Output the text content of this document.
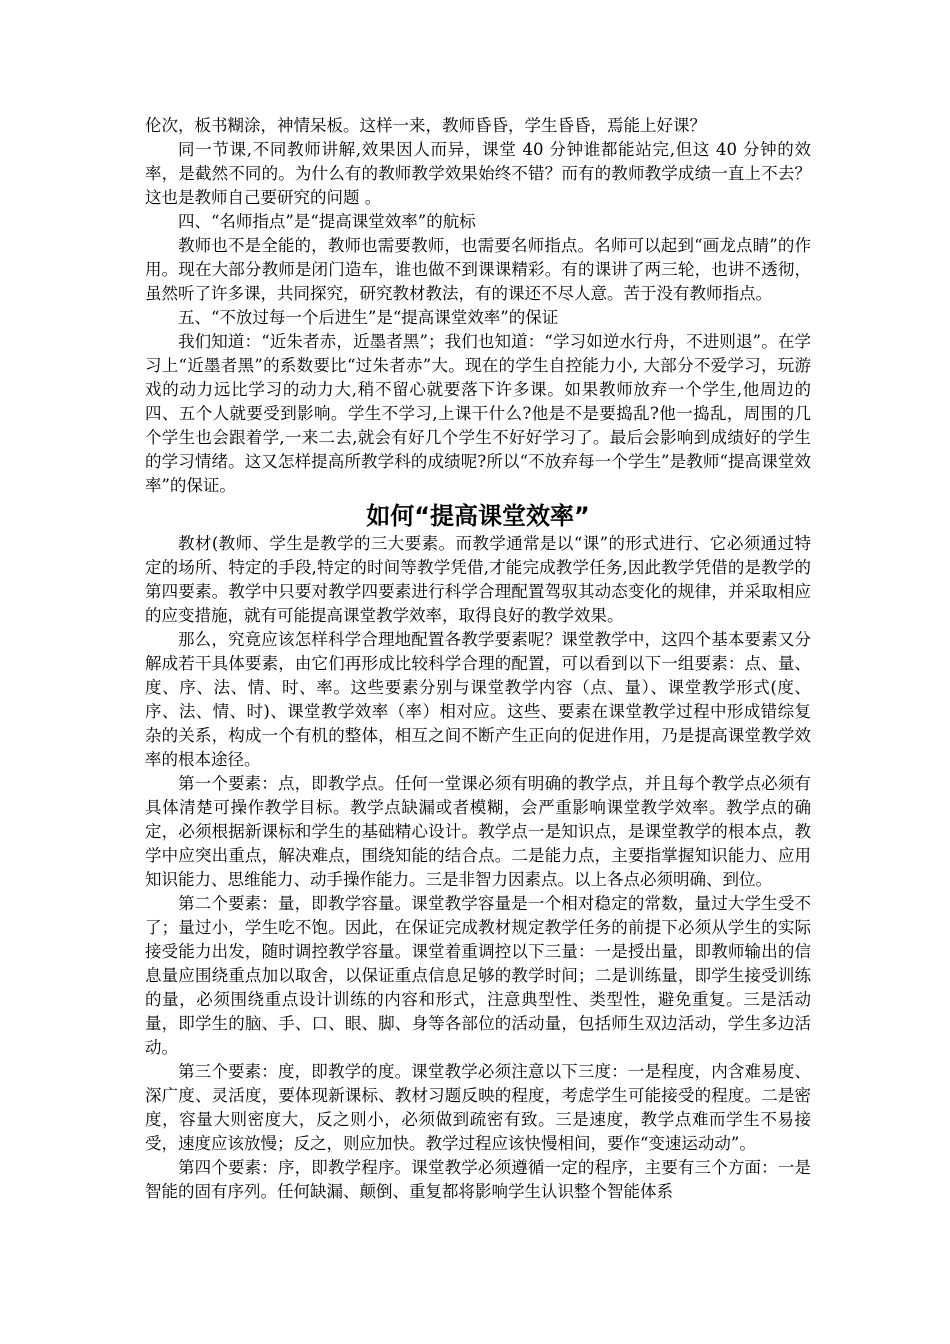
伦次，板书糊涂，神情呆板。这样一来，教师昏昏，学生昏昏，焉能上好课？

同一节课,不同教师讲解,效果因人而异，课堂 40 分钟谁都能站完,但这 40 分钟的效率，是截然不同的。为什么有的教师教学效果始终不错？而有的教师教学成绩一直上不去？这也是教师自己要研究的问题 。

四、“名师指点”是“提高课堂效率”的航标

教师也不是全能的，教师也需要教师，也需要名师指点。名师可以起到“画龙点睛”的作用。现在大部分教师是闭门造车，谁也做不到课课精彩。有的课讲了两三轮，也讲不透彻，虽然听了许多课，共同探究，研究教材教法，有的课还不尽人意。苦于没有教师指点。

五、“不放过每一个后进生”是“提高课堂效率”的保证

我们知道：“近朱者赤，近墨者黑”；我们也知道：“学习如逆水行舟，不进则退”。在学习上“近墨者黑”的系数要比“过朱者赤”大。现在的学生自控能力小, 大部分不爱学习，玩游戏的动力远比学习的动力大,稍不留心就要落下许多课。如果教师放弃一个学生,他周边的四、五个人就要受到影响。学生不学习,上课干什么?他是不是要捣乱?他一捣乱，周围的几个学生也会跟着学,一来二去,就会有好几个学生不好好学习了。最后会影响到成绩好的学生的学习情绪。这又怎样提高所教学科的成绩呢?所以“不放弃每一个学生”是教师“提高课堂效率”的保证。

如何“提高课堂效率”

教材(教师、学生是教学的三大要素。而教学通常是以“课”的形式进行、它必须通过特定的场所、特定的手段,特定的时间等教学凭借,才能完成教学任务,因此教学凭借的是教学的第四要素。教学中只要对教学四要素进行科学合理配置驾驭其动态变化的规律，并采取相应的应变措施，就有可能提高课堂教学效率，取得良好的教学效果。

那么，究竟应该怎样科学合理地配置各教学要素呢？课堂教学中，这四个基本要素又分解成若干具体要素，由它们再形成比较科学合理的配置，可以看到以下一组要素：点、量、度、序、法、情、时、率。这些要素分别与课堂教学内容（点、量）、课堂教学形式(度、序、法、情、时)、课堂教学效率（率）相对应。这些、要素在课堂教学过程中形成错综复杂的关系，构成一个有机的整体，相互之间不断产生正向的促进作用，乃是提高课堂教学效率的根本途径。

第一个要素：点，即教学点。任何一堂课必须有明确的教学点，并且每个教学点必须有具体清楚可操作教学目标。教学点缺漏或者模糊，会严重影响课堂教学效率。教学点的确定，必须根据新课标和学生的基础精心设计。教学点一是知识点，是课堂教学的根本点，教学中应突出重点，解决难点，围绕知能的结合点。二是能力点，主要指掌握知识能力、应用知识能力、思维能力、动手操作能力。三是非智力因素点。以上各点必须明确、到位。

第二个要素：量，即教学容量。课堂教学容量是一个相对稳定的常数，量过大学生受不了；量过小，学生吃不饱。因此，在保证完成教材规定教学任务的前提下必须从学生的实际接受能力出发，随时调控教学容量。课堂着重调控以下三量：一是授出量，即教师输出的信息量应围绕重点加以取舍，以保证重点信息足够的教学时间；二是训练量，即学生接受训练的量，必须围绕重点设计训练的内容和形式，注意典型性、类型性，避免重复。三是活动量，即学生的脑、手、口、眼、脚、身等各部位的活动量，包括师生双边活动，学生多边活动。

第三个要素：度，即教学的度。课堂教学必须注意以下三度：一是程度，内含难易度、深广度、灵活度，要体现新课标、教材习题反映的程度，考虑学生可能接受的程度。二是密度，容量大则密度大，反之则小，必须做到疏密有致。三是速度，教学点难而学生不易接受，速度应该放慢；反之，则应加快。教学过程应该快慢相间，要作“变速运动动”。

第四个要素：序，即教学程序。课堂教学必须遵循一定的程序，主要有三个方面：一是智能的固有序列。任何缺漏、颠倒、重复都将影响学生认识整个智能体系
